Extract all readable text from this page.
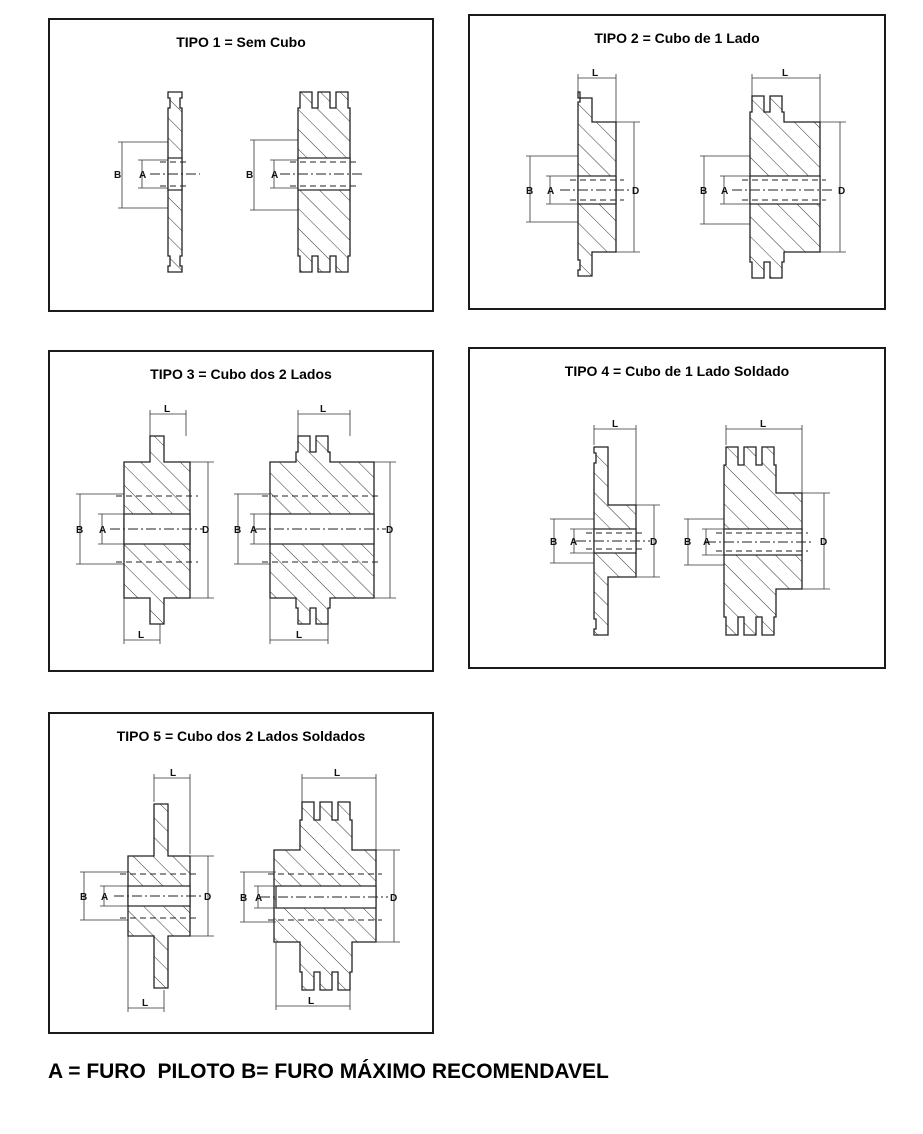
TIPO 1 = Sem Cubo
B A	B A
TIPO 2 = Cubo de 1 Lado
L
B A	D
L
B A	D
TIPO 3 = Cubo dos 2 Lados
L
B A	D
L
L
B A	D
L
TIPO 4 = Cubo de 1 Lado Soldado
L
B A	D
L
B A	D
TIPO 5 = Cubo dos 2 Lados Soldados
L
B A	D
L
L
B A	D
L
A = FURO  PILOTO B= FURO MÁXIMO RECOMENDAVEL
